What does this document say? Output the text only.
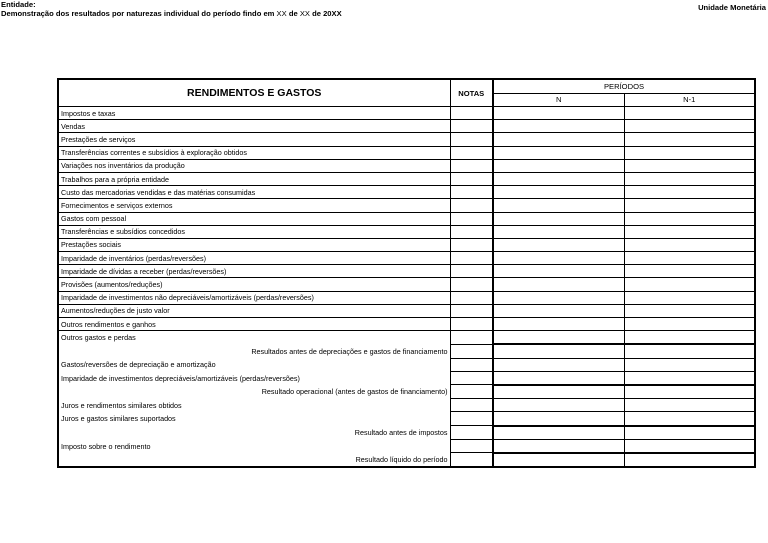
Entidade:
Demonstração dos resultados por naturezas individual do período findo em XX de XX de 20XX
Unidade Monetária
RENDIMENTOS E GASTOS	NOTAS	PERÍODOS	
		N	N-1
Impostos e taxas			
Vendas			
Prestações de serviços			
Transferências correntes e subsídios à exploração obtidos			
Variações nos inventários da produção			
Trabalhos para a própria entidade			
Custo das mercadorias vendidas e das matérias consumidas			
Fornecimentos e serviços externos			
Gastos com pessoal			
Transferências e subsídios concedidos			
Prestações sociais			
Imparidade de inventários (perdas/reversões)			
Imparidade de dívidas a receber (perdas/reversões)			
Provisões (aumentos/reduções)			
Imparidade de investimentos não depreciáveis/amortizáveis (perdas/reversões)			
Aumentos/reduções de justo valor			
Outros rendimentos e ganhos			
Outros gastos e perdas			
Resultados antes de depreciações e gastos de financiamento			
Gastos/reversões de depreciação e amortização			
Imparidade de investimentos depreciáveis/amortizáveis (perdas/reversões)			
Resultado operacional (antes de gastos de financiamento)			
Juros e rendimentos similares obtidos			
Juros e gastos similares suportados			
Resultado antes de impostos			
Imposto sobre o rendimento			
Resultado líquido do período			
